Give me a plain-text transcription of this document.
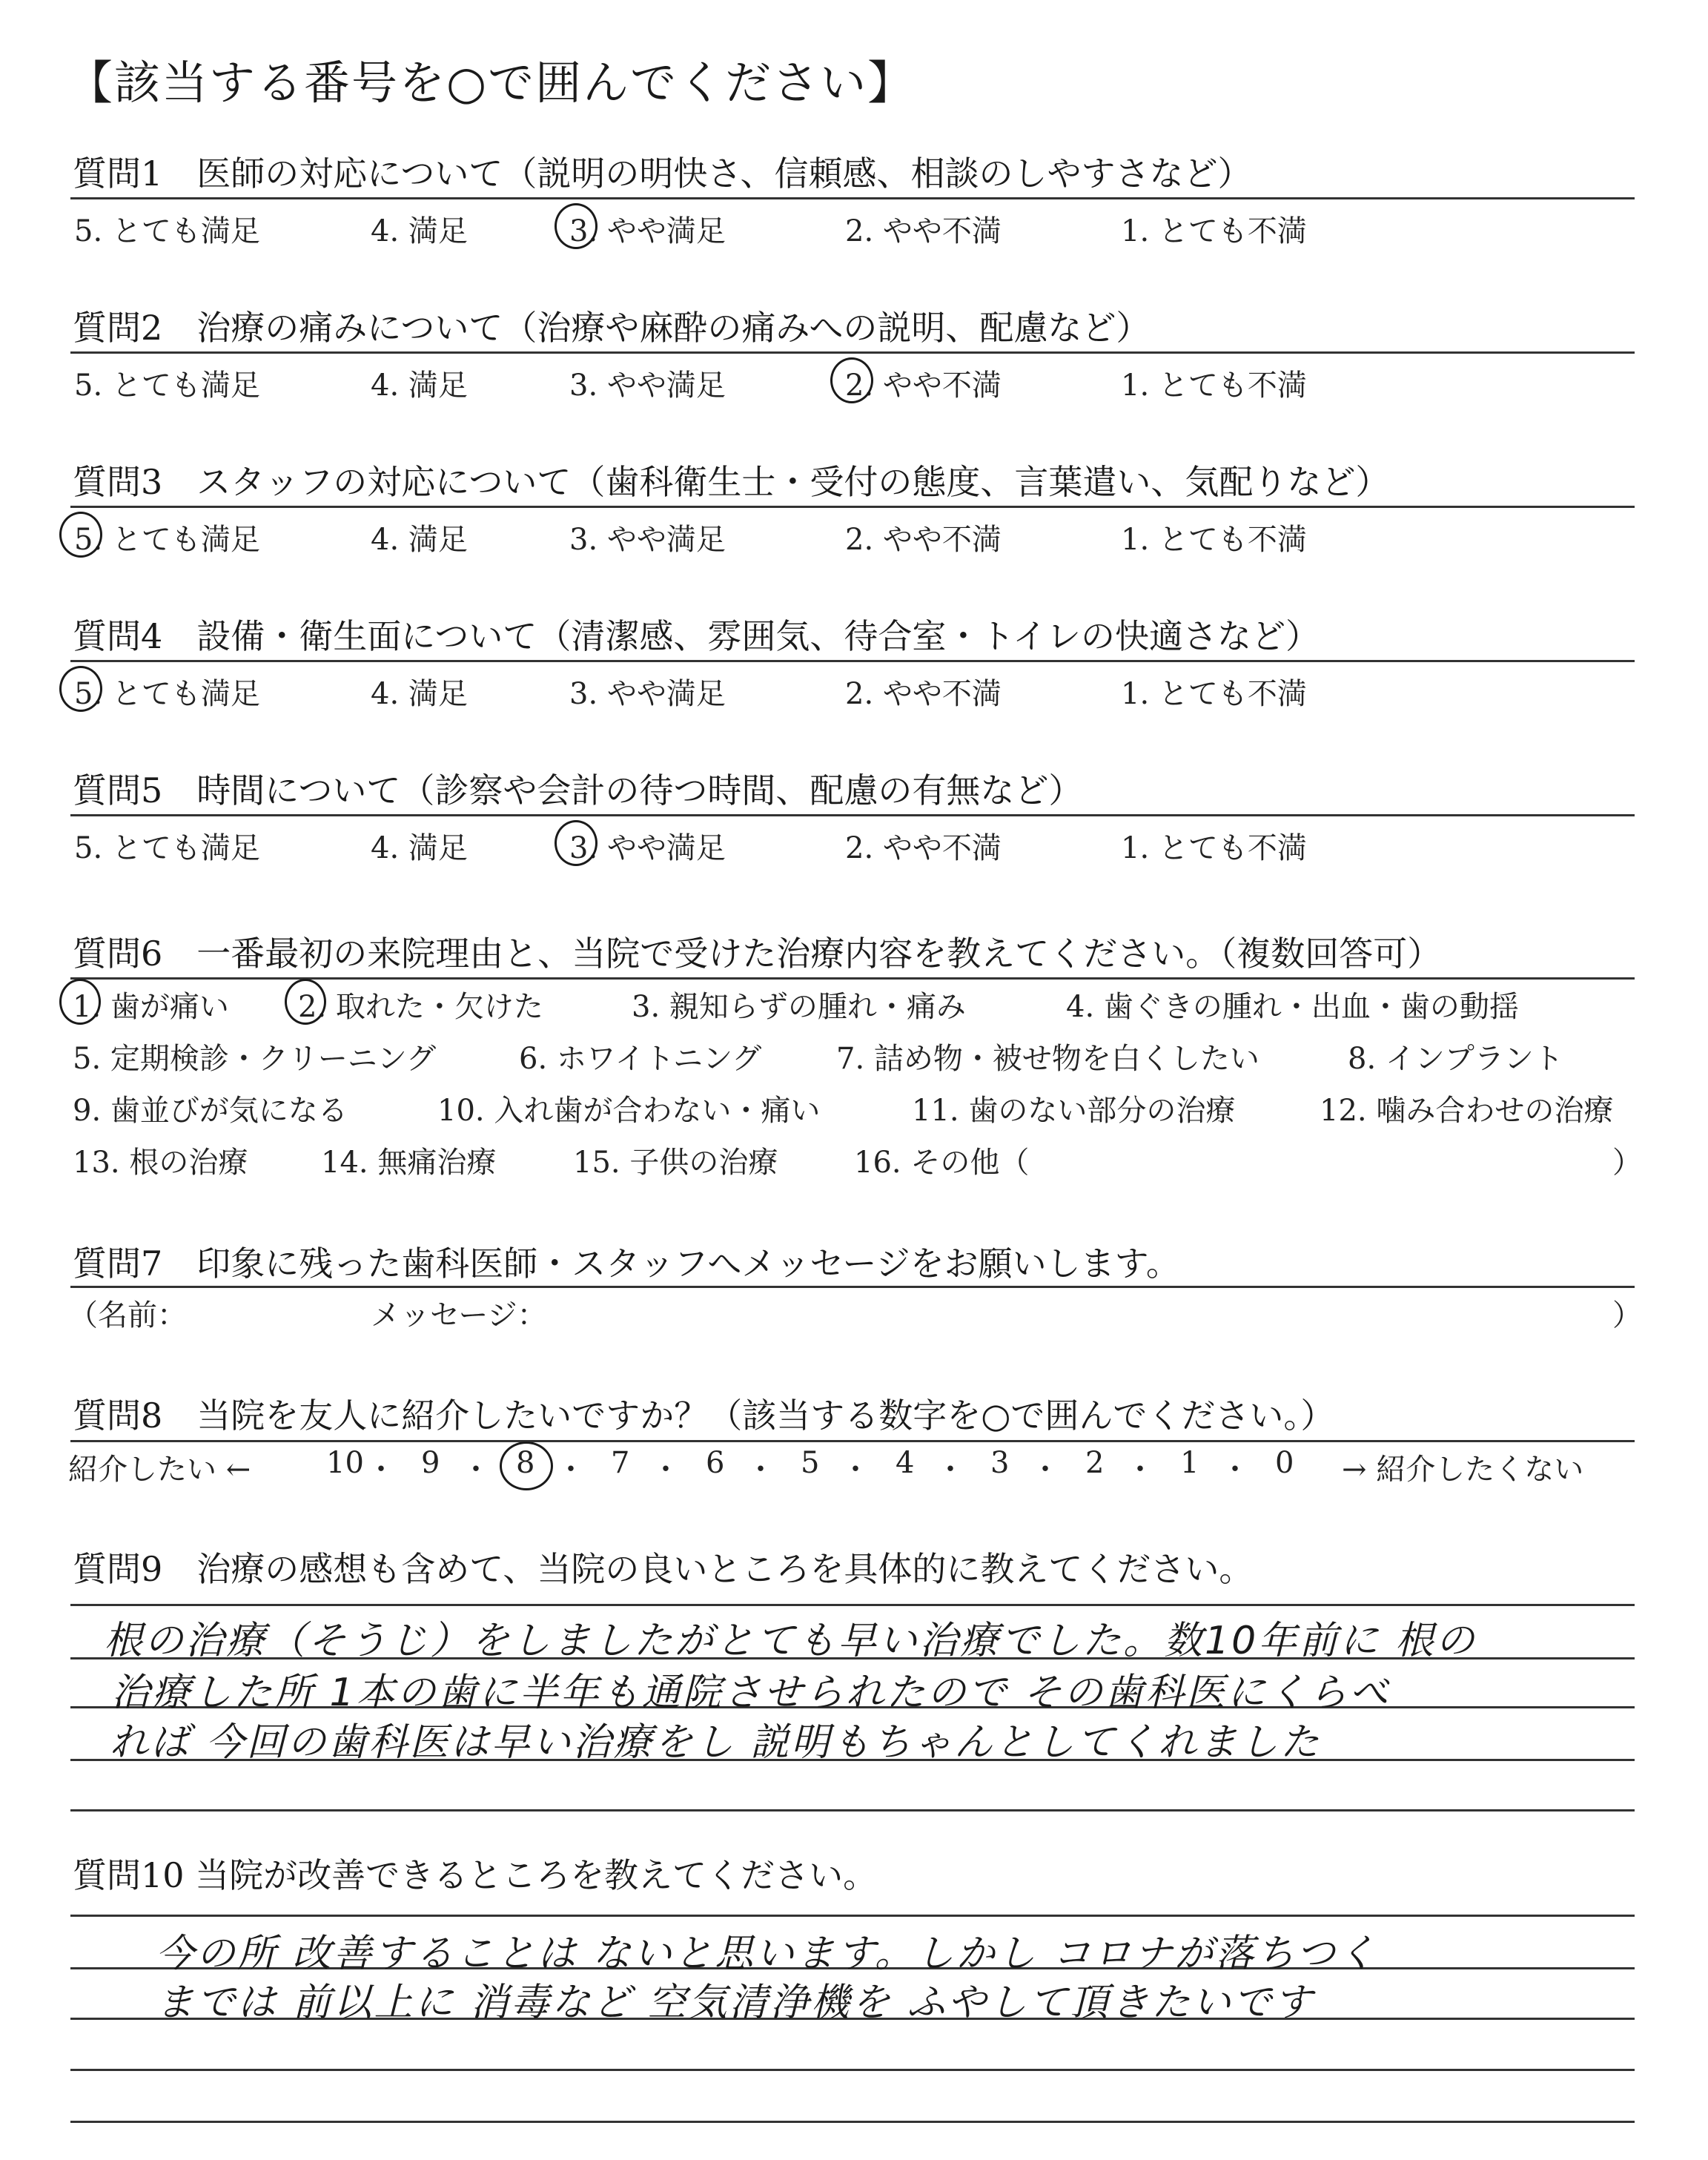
【該当する番号を○で囲んでください】
質問1　医師の対応について（説明の明快さ、信頼感、相談のしやすさなど）
5. とても満足	4. 満足	3. やや満足	2. やや不満	1. とても不満
質問2　治療の痛みについて（治療や麻酔の痛みへの説明、配慮など）
5. とても満足	4. 満足	3. やや満足	2. やや不満	1. とても不満
質問3　スタッフの対応について（歯科衛生士・受付の態度、言葉遣い、気配りなど）
5. とても満足	4. 満足	3. やや満足	2. やや不満	1. とても不満
質問4　設備・衛生面について（清潔感、雰囲気、待合室・トイレの快適さなど）
5. とても満足	4. 満足	3. やや満足	2. やや不満	1. とても不満
質問5　時間について（診察や会計の待つ時間、配慮の有無など）
5. とても満足	4. 満足	3. やや満足	2. やや不満	1. とても不満
質問6　一番最初の来院理由と、当院で受けた治療内容を教えてください。（複数回答可）
1. 歯が痛い 2. 取れた・欠けた	3. 親知らずの腫れ・痛み	4. 歯ぐきの腫れ・出血・歯の動揺
5. 定期検診・クリーニング	6. ホワイトニング	7. 詰め物・被せ物を白くしたい	8. インプラント
9. 歯並びが気になる	10. 入れ歯が合わない・痛い	11. 歯のない部分の治療	12. 噛み合わせの治療
13. 根の治療 14. 無痛治療	15. 子供の治療	16. その他（	）
質問7　印象に残った歯科医師・スタッフへメッセージをお願いします。
（名前：	メッセージ：	）
質問8　当院を友人に紹介したいですか？（該当する数字を○で囲んでください。）
紹介したい ←	10 ・ 9 ・ 8 ・ 7 ・ 6 ・ 5 ・ 4 ・ 3 ・ 2 ・ 1 ・ 0 → 紹介したくない
質問9　治療の感想も含めて、当院の良いところを具体的に教えてください。
根の治療（そうじ）をしましたがとても早い治療でした。数10年前に 根の
治療した所 1本の歯に半年も通院させられたので その歯科医にくらべ
れば 今回の歯科医は早い治療をし 説明もちゃんとしてくれました
質問10 当院が改善できるところを教えてください。
今の所 改善することは ないと思います。しかし コロナが落ちつく
までは 前以上に 消毒など 空気清浄機を ふやして頂きたいです
